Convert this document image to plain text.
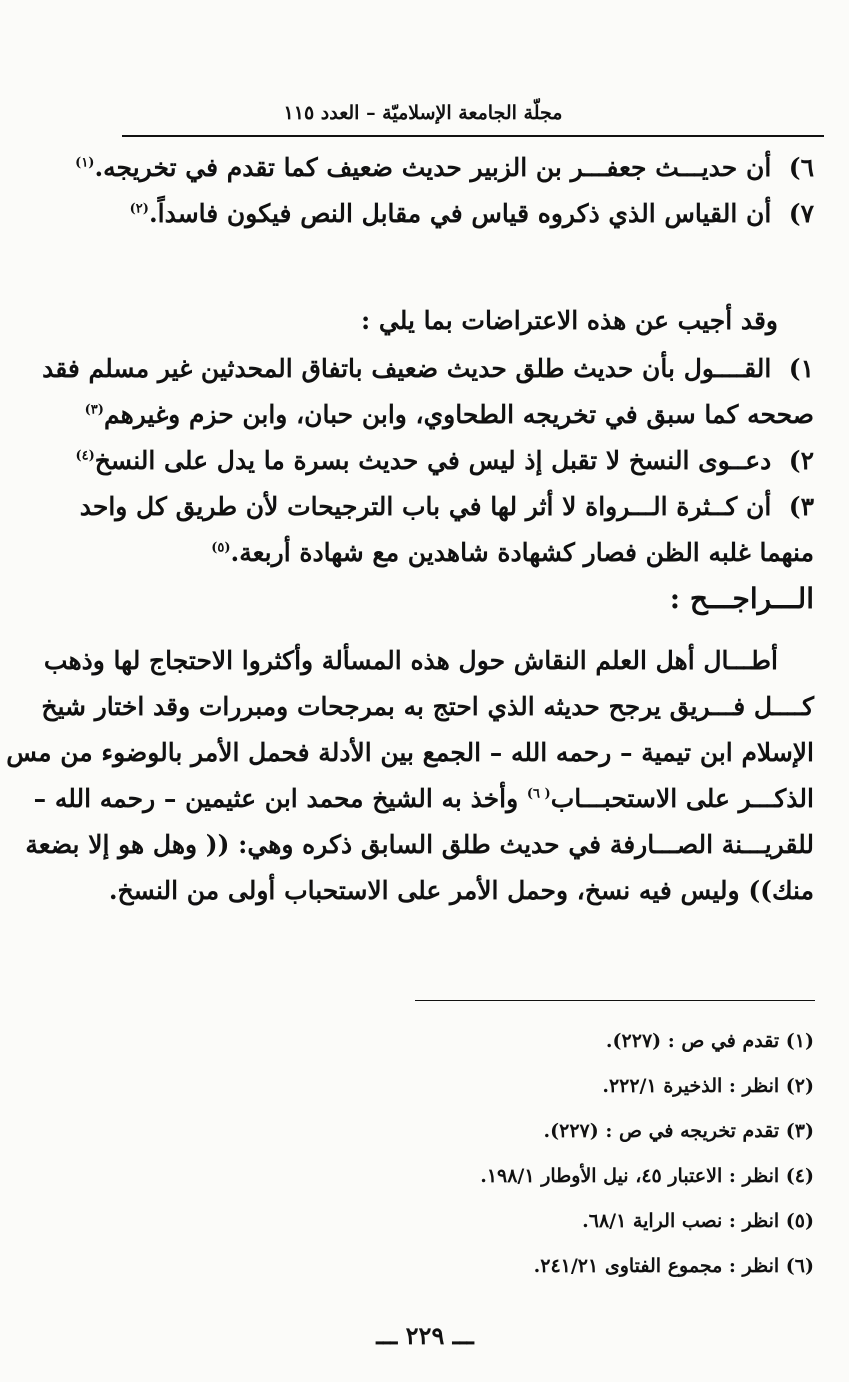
مجلّة الجامعة الإسلاميّة – العدد ١١٥
٦) أن حديـــث جعفـــر بن الزبير حديث ضعيف كما تقدم في تخريجه.$^{(١)}$
٧) أن القياس الذي ذكروه قياس في مقابل النص فيكون فاسداً.$^{(٢)}$
وقد أجيب عن هذه الاعتراضات بما يلي :
١) القــــول بأن حديث طلق حديث ضعيف باتفاق المحدثين غير مسلم فقد
صححه كما سبق في تخريجه الطحاوي، وابن حبان، وابن حزم وغيرهم$^{(٣)}$
٢) دعــوى النسخ لا تقبل إذ ليس في حديث بسرة ما يدل على النسخ$^{(٤)}$
٣) أن كــثرة الـــرواة لا أثر لها في باب الترجيحات لأن طريق كل واحد
منهما غلبه الظن فصار كشهادة شاهدين مع شهادة أربعة.$^{(٥)}$
الـــراجـــح :
أطـــال أهل العلم النقاش حول هذه المسألة وأكثروا الاحتجاج لها وذهب
كــــل فـــريق يرجح حديثه الذي احتج به بمرجحات ومبررات وقد اختار شيخ
الإسلام ابن تيمية – رحمه الله – الجمع بين الأدلة فحمل الأمر بالوضوء من مس
الذكـــر على الاستحبـــاب$^{( ٦)}$ وأخذ به الشيخ محمد ابن عثيمين – رحمه الله –
للقريـــنة الصـــارفة في حديث طلق السابق ذكره وهي: (( وهل هو إلا بضعة
منك)) وليس فيه نسخ، وحمل الأمر على الاستحباب أولى من النسخ.
(١) تقدم في ص : (٢٢٧).
(٢) انظر : الذخيرة ٢٢٢/١.
(٣) تقدم تخريجه في ص : (٢٢٧).
(٤) انظر : الاعتبار ٤٥، نيل الأوطار ١٩٨/١.
(٥) انظر : نصب الراية ٦٨/١.
(٦) انظر : مجموع الفتاوى ٢٤١/٢١.
ـــ ٢٢٩ ـــ
